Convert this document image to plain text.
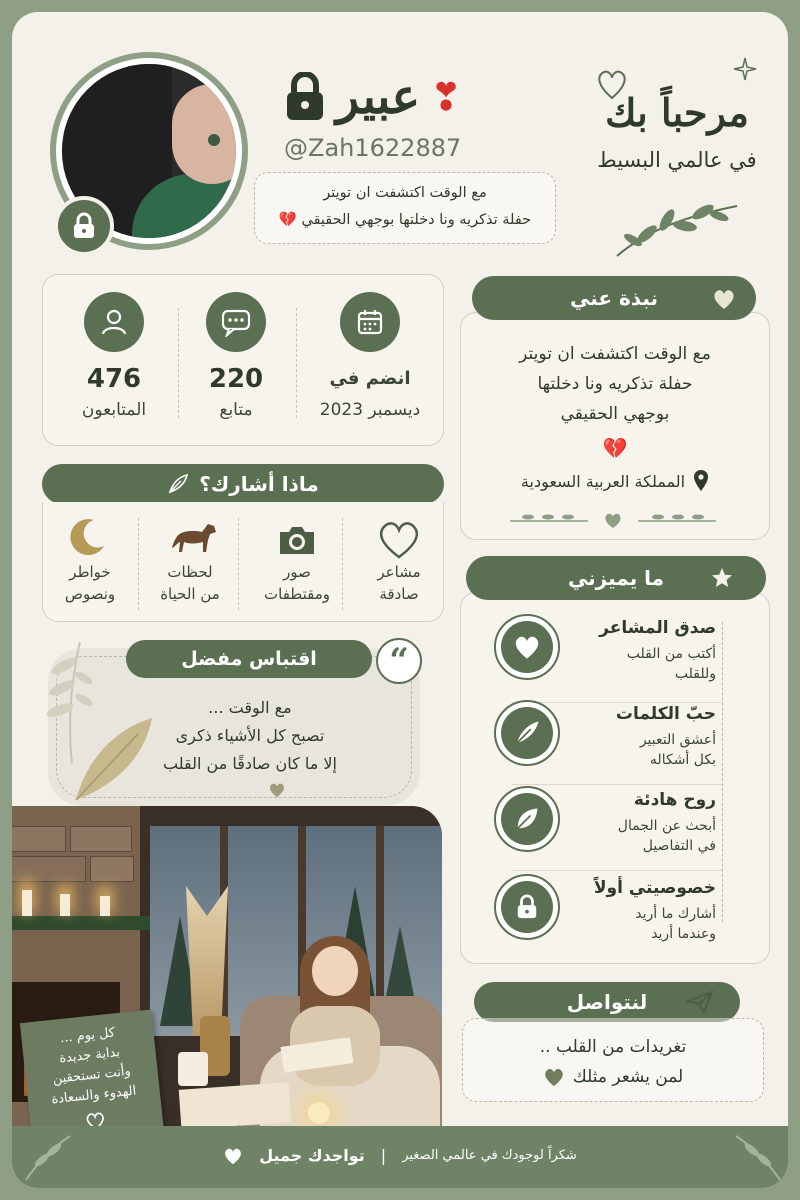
مرحباً بك
في عالمي البسيط
عبير ❣
@Zah1622887
مع الوقت اكتشفت ان تويتر
حفلة تذكريه ونا دخلتها بوجهي الحقيقي 💔
476
المتابعون
220
متابع
انضم في
ديسمبر 2023
نبذة عني
مع الوقت اكتشفت ان تويتر
حفلة تذكريه ونا دخلتها
بوجهي الحقيقي
💔
المملكة العربية السعودية
ماذا أشارك؟
مشاعر
صادقة
صور
ومقتطفات
لحظات
من الحياة
خواطر
ونصوص
اقتباس مفضل “
مع الوقت ...
تصبح كل الأشياء ذكرى
إلا ما كان صادقًا من القلب
كل يوم ...
بداية جديدة
وأنت تستحقين
الهدوء والسعادة
ما يميزني
صدق المشاعر
أكتب من القلب
وللقلب
حبّ الكلمات
أعشق التعبير
بكل أشكاله
روح هادئة
أبحث عن الجمال
في التفاصيل
خصوصيتي أولاً
أشارك ما أريد
وعندما أريد
لنتواصل
تغريدات من القلب ..
لمن يشعر مثلك
شكراً لوجودك في عالمي الصغير
|
تواجدك جميل
